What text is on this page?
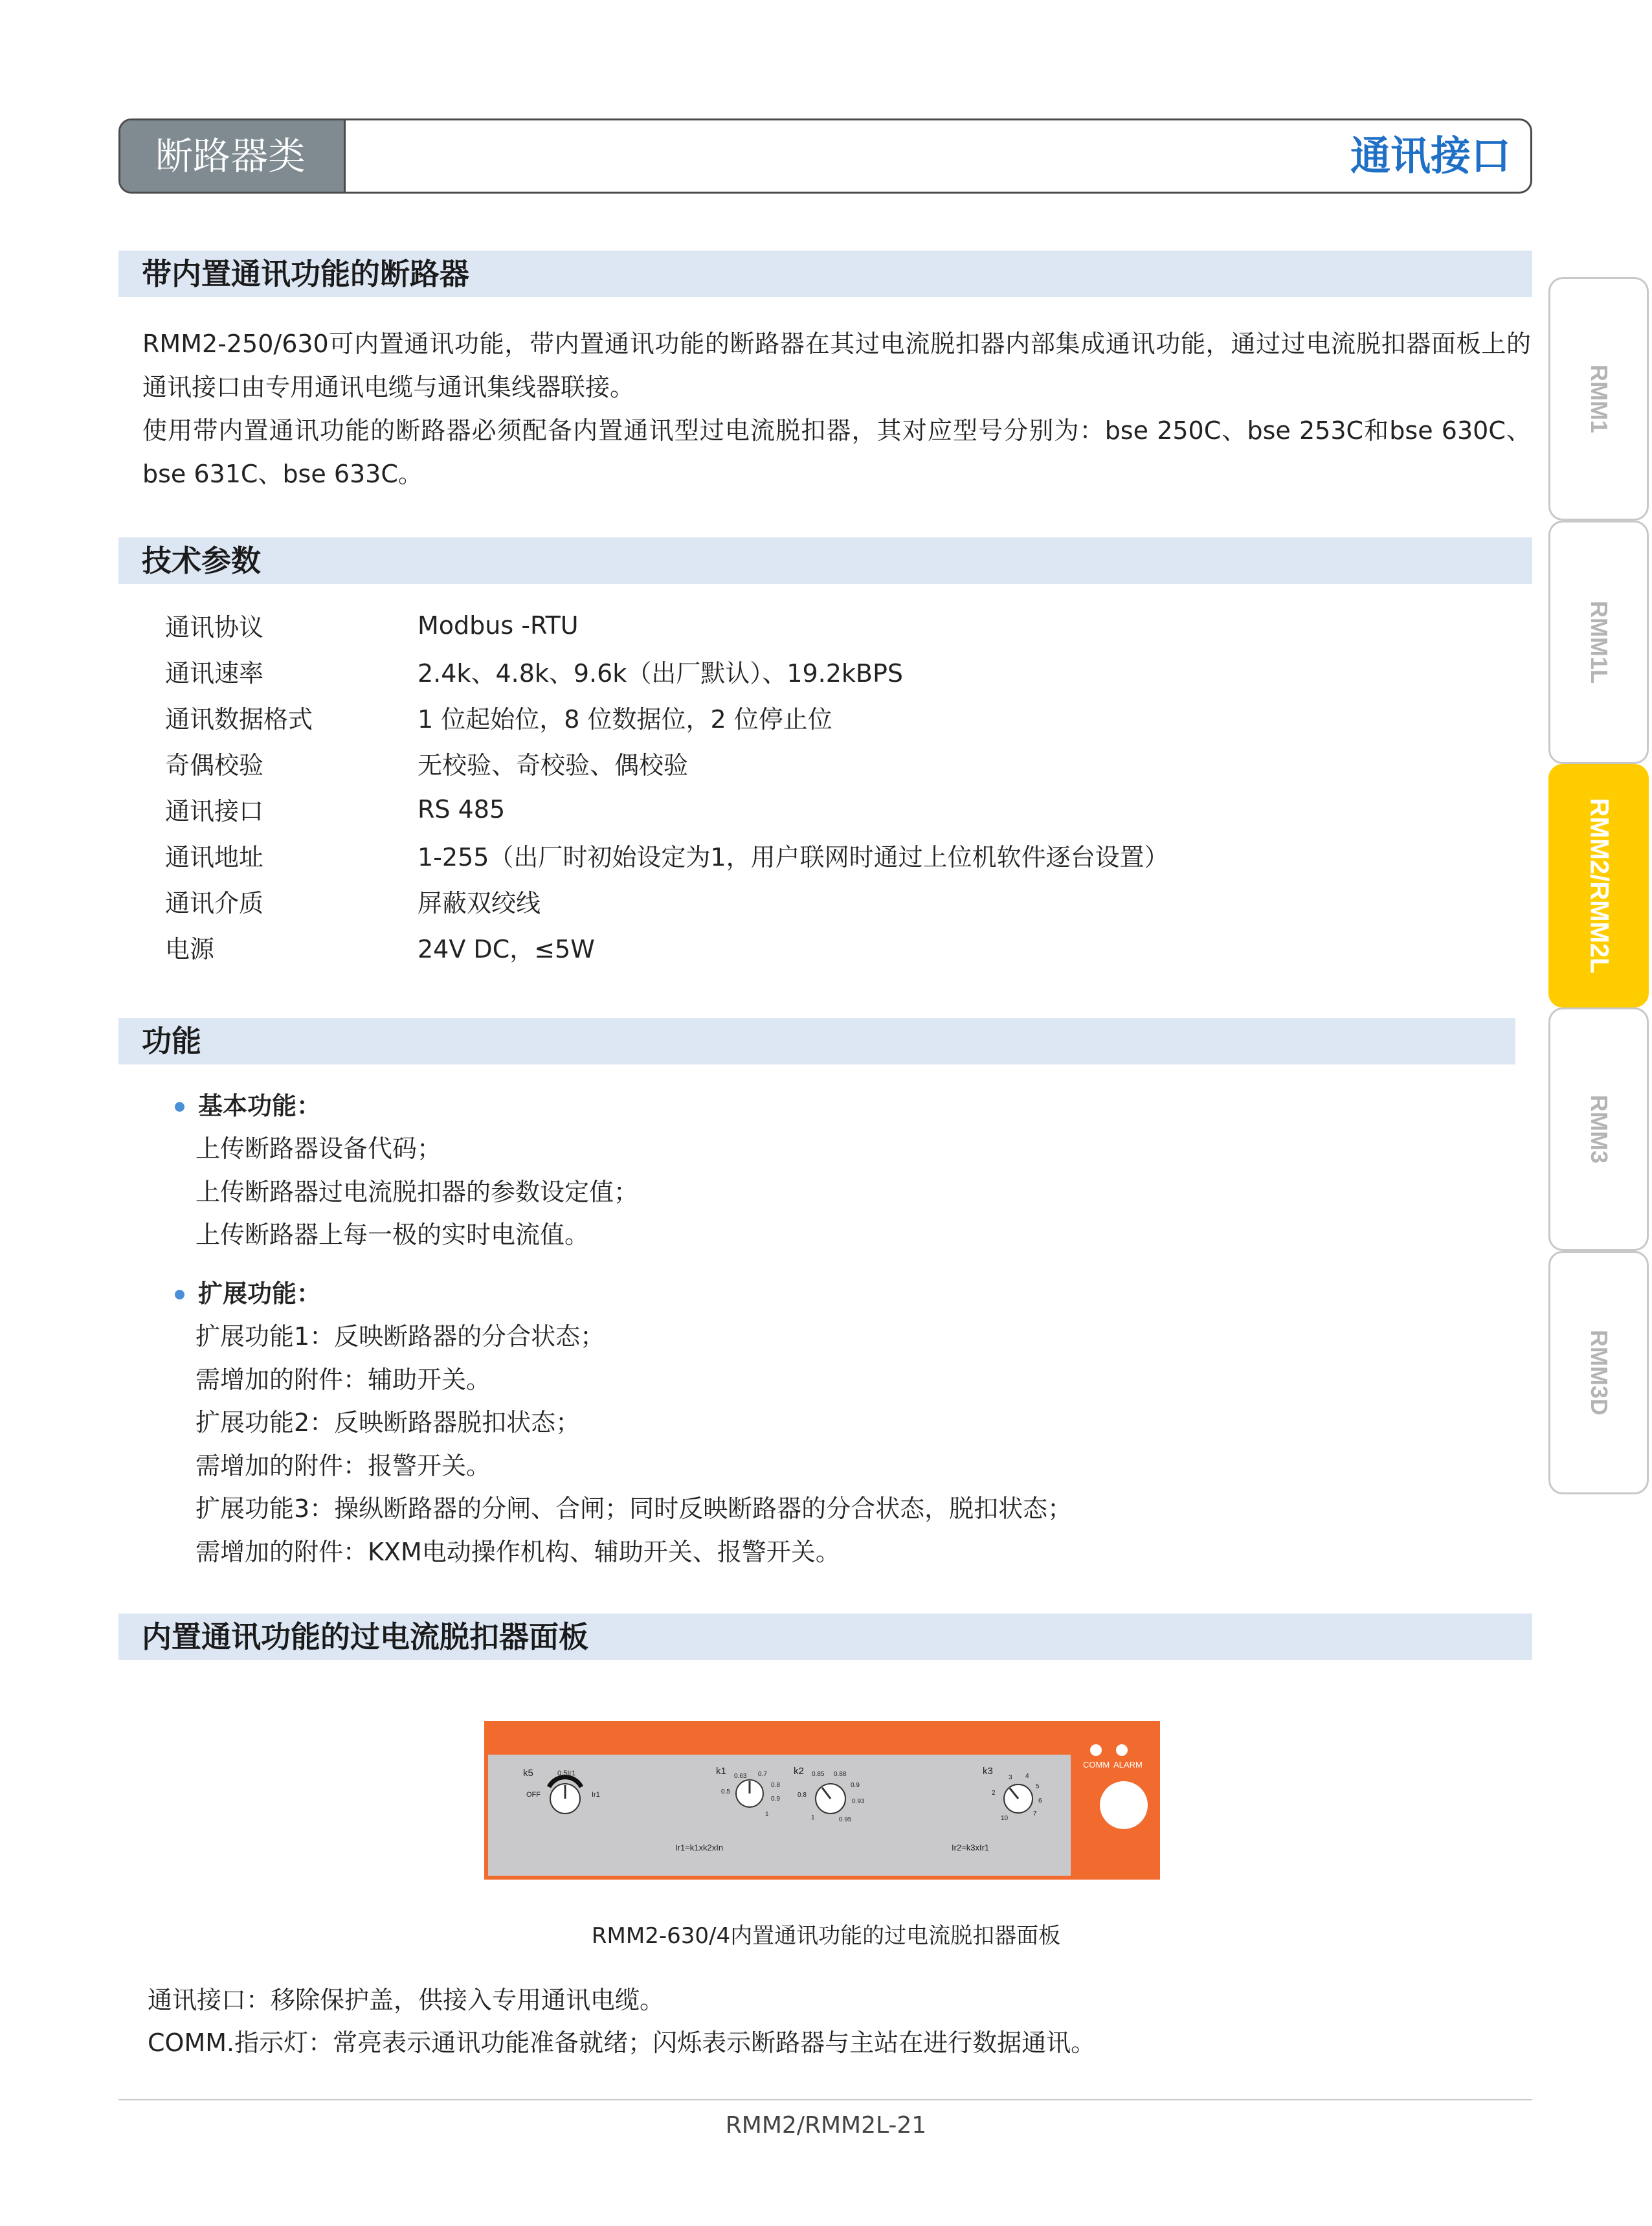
断路器类	通讯接口
RMM1
RMM1L
RMM2/RMM2L
RMM3
RMM3D
带内置通讯功能的断路器
RMM2-250/630可内置通讯功能，带内置通讯功能的断路器在其过电流脱扣器内部集成通讯功能，通过过电流脱扣器面板上的通讯接口由专用通讯电缆与通讯集线器联接。
使用带内置通讯功能的断路器必须配备内置通讯型过电流脱扣器，其对应型号分别为：bse 250C、bse 253C和bse 630C、bse 631C、bse 633C。
技术参数
通讯协议	Modbus -RTU
通讯速率	2.4k、4.8k、9.6k（出厂默认）、19.2kBPS
通讯数据格式	1 位起始位，8 位数据位，2 位停止位
奇偶校验	无校验、奇校验、偶校验
通讯接口	RS 485
通讯地址	1-255（出厂时初始设定为1，用户联网时通过上位机软件逐台设置）
通讯介质	屏蔽双绞线
电源	24V DC，≤5W
功能
基本功能：
上传断路器设备代码；
上传断路器过电流脱扣器的参数设定值；
上传断路器上每一极的实时电流值。
扩展功能：
扩展功能1：反映断路器的分合状态；
需增加的附件：辅助开关。
扩展功能2：反映断路器脱扣状态；
需增加的附件：报警开关。
扩展功能3：操纵断路器的分闸、合闸；同时反映断路器的分合状态，脱扣状态；
需增加的附件：KXM电动操作机构、辅助开关、报警开关。
内置通讯功能的过电流脱扣器面板
COMM ALARM
k5	0.5Ir1
OFF	Ir1
k1 0.63 0.7
0.8
0.9
1
0.5
k2 0.85 0.88
0.9
0.93
0.95
1
0.8
k3
3 4
5
6
7
10
2
Ir1=k1xk2xIn	Ir2=k3xIr1
RMM2-630/4内置通讯功能的过电流脱扣器面板
通讯接口：移除保护盖，供接入专用通讯电缆。
COMM.指示灯：常亮表示通讯功能准备就绪；闪烁表示断路器与主站在进行数据通讯。
RMM2/RMM2L-21
